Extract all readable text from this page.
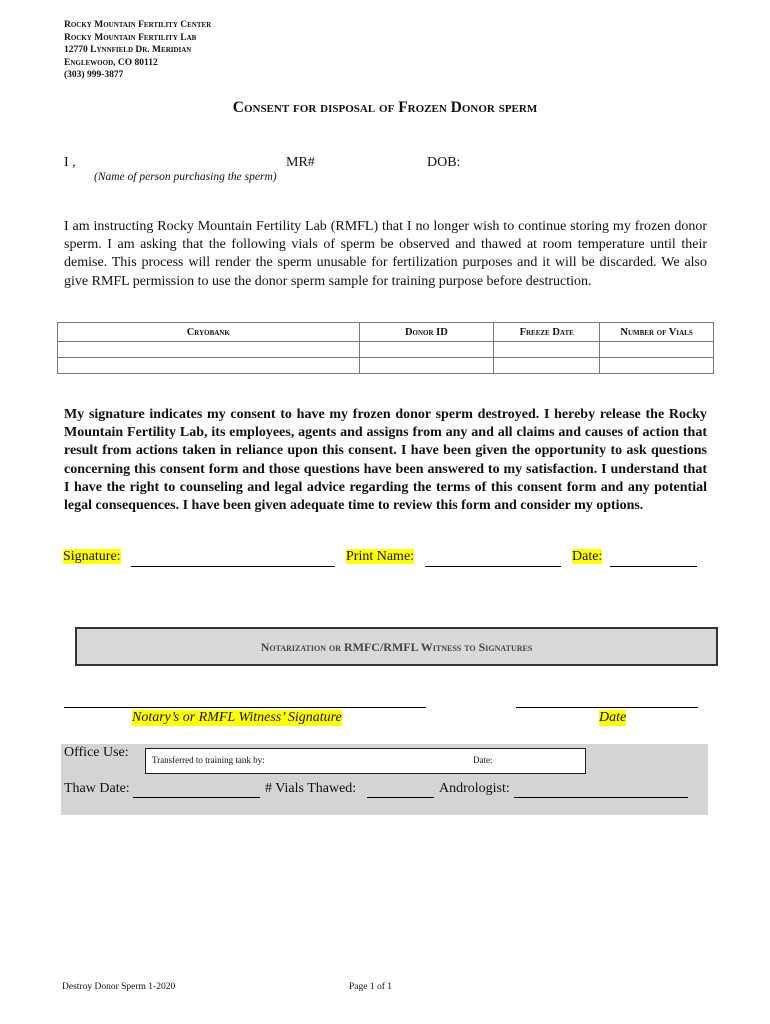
Rocky Mountain Fertility Center
Rocky Mountain Fertility Lab
12770 Lynnfield Dr. Meridian
Englewood, CO 80112
(303) 999-3877
Consent for disposal of Frozen Donor sperm
I ,	MR#	DOB:
(Name of person purchasing the sperm)
I am instructing Rocky Mountain Fertility Lab (RMFL) that I no longer wish to continue storing my frozen donor sperm. I am asking that the following vials of sperm be observed and thawed at room temperature until their demise. This process will render the sperm unusable for fertilization purposes and it will be discarded. We also give RMFL permission to use the donor sperm sample for training purpose before destruction.
Cryobank	Donor ID	Freeze Date	Number of Vials

My signature indicates my consent to have my frozen donor sperm destroyed. I hereby release the Rocky Mountain Fertility Lab, its employees, agents and assigns from any and all claims and causes of action that result from actions taken in reliance upon this consent. I have been given the opportunity to ask questions concerning this consent form and those questions have been answered to my satisfaction. I understand that I have the right to counseling and legal advice regarding the terms of this consent form and any potential legal consequences. I have been given adequate time to review this form and consider my options.
Signature:	Print Name:	Date:
Notarization or RMFC/RMFL Witness to Signatures
Notary’s or RMFL Witness’ Signature	Date
Office Use:	Transferred to training tank by:	Date:
Thaw Date:	# Vials Thawed:	Andrologist:
Destroy Donor Sperm 1-2020	Page 1 of 1
